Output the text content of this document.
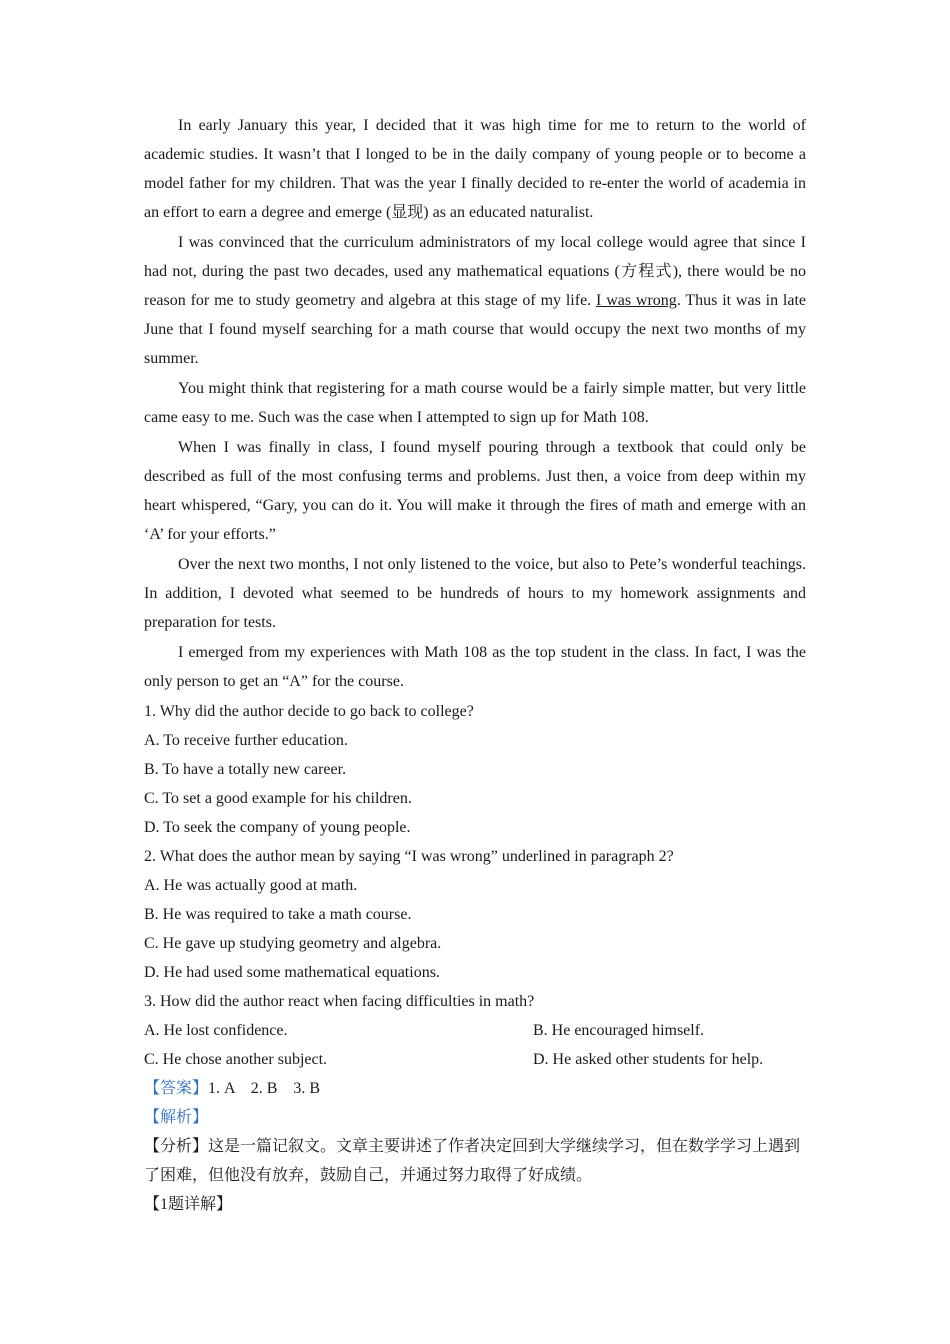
In early January this year, I decided that it was high time for me to return to the world of academic studies. It wasn’t that I longed to be in the daily company of young people or to become a model father for my children. That was the year I finally decided to re-enter the world of academia in an effort to earn a degree and emerge (显现) as an educated naturalist.

I was convinced that the curriculum administrators of my local college would agree that since I had not, during the past two decades, used any mathematical equations (方程式), there would be no reason for me to study geometry and algebra at this stage of my life. I was wrong. Thus it was in late June that I found myself searching for a math course that would occupy the next two months of my summer.

You might think that registering for a math course would be a fairly simple matter, but very little came easy to me. Such was the case when I attempted to sign up for Math 108.

When I was finally in class, I found myself pouring through a textbook that could only be described as full of the most confusing terms and problems. Just then, a voice from deep within my heart whispered, “Gary, you can do it. You will make it through the fires of math and emerge with an ‘A’ for your efforts.”

Over the next two months, I not only listened to the voice, but also to Pete’s wonderful teachings. In addition, I devoted what seemed to be hundreds of hours to my homework assignments and preparation for tests.

I emerged from my experiences with Math 108 as the top student in the class. In fact, I was the only person to get an “A” for the course.

1. Why did the author decide to go back to college?

A. To receive further education.

B. To have a totally new career.

C. To set a good example for his children.

D. To seek the company of young people.

2. What does the author mean by saying “I was wrong” underlined in paragraph 2?

A. He was actually good at math.

B. He was required to take a math course.

C. He gave up studying geometry and algebra.

D. He had used some mathematical equations.

3. How did the author react when facing difficulties in math?

A. He lost confidence.	B. He encouraged himself.
C. He chose another subject.	D. He asked other students for help.

【答案】1. A    2. B    3. B

【解析】

【分析】这是一篇记叙文。文章主要讲述了作者决定回到大学继续学习，但在数学学习上遇到了困难，但他没有放弃，鼓励自己，并通过努力取得了好成绩。

【1题详解】
